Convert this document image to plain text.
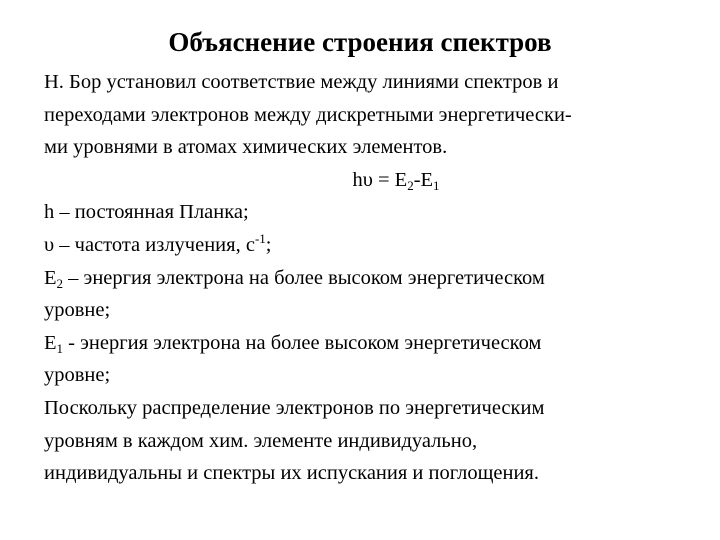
Объяснение строения спектров
Н. Бор установил соответствие между линиями спектров и
переходами электронов между дискретными энергетически-
ми уровнями в атомах химических элементов.
$h\upsilon = E_2-E_1$
h – постоянная Планка;
υ – частота излучения, $с^{-1}$;
$E_2$ – энергия электрона на более высоком энергетическом
уровне;
$E_1$ - энергия электрона на более высоком энергетическом
уровне;
Поскольку распределение электронов по энергетическим
уровням в каждом хим. элементе индивидуально,
индивидуальны и спектры их испускания и поглощения.
